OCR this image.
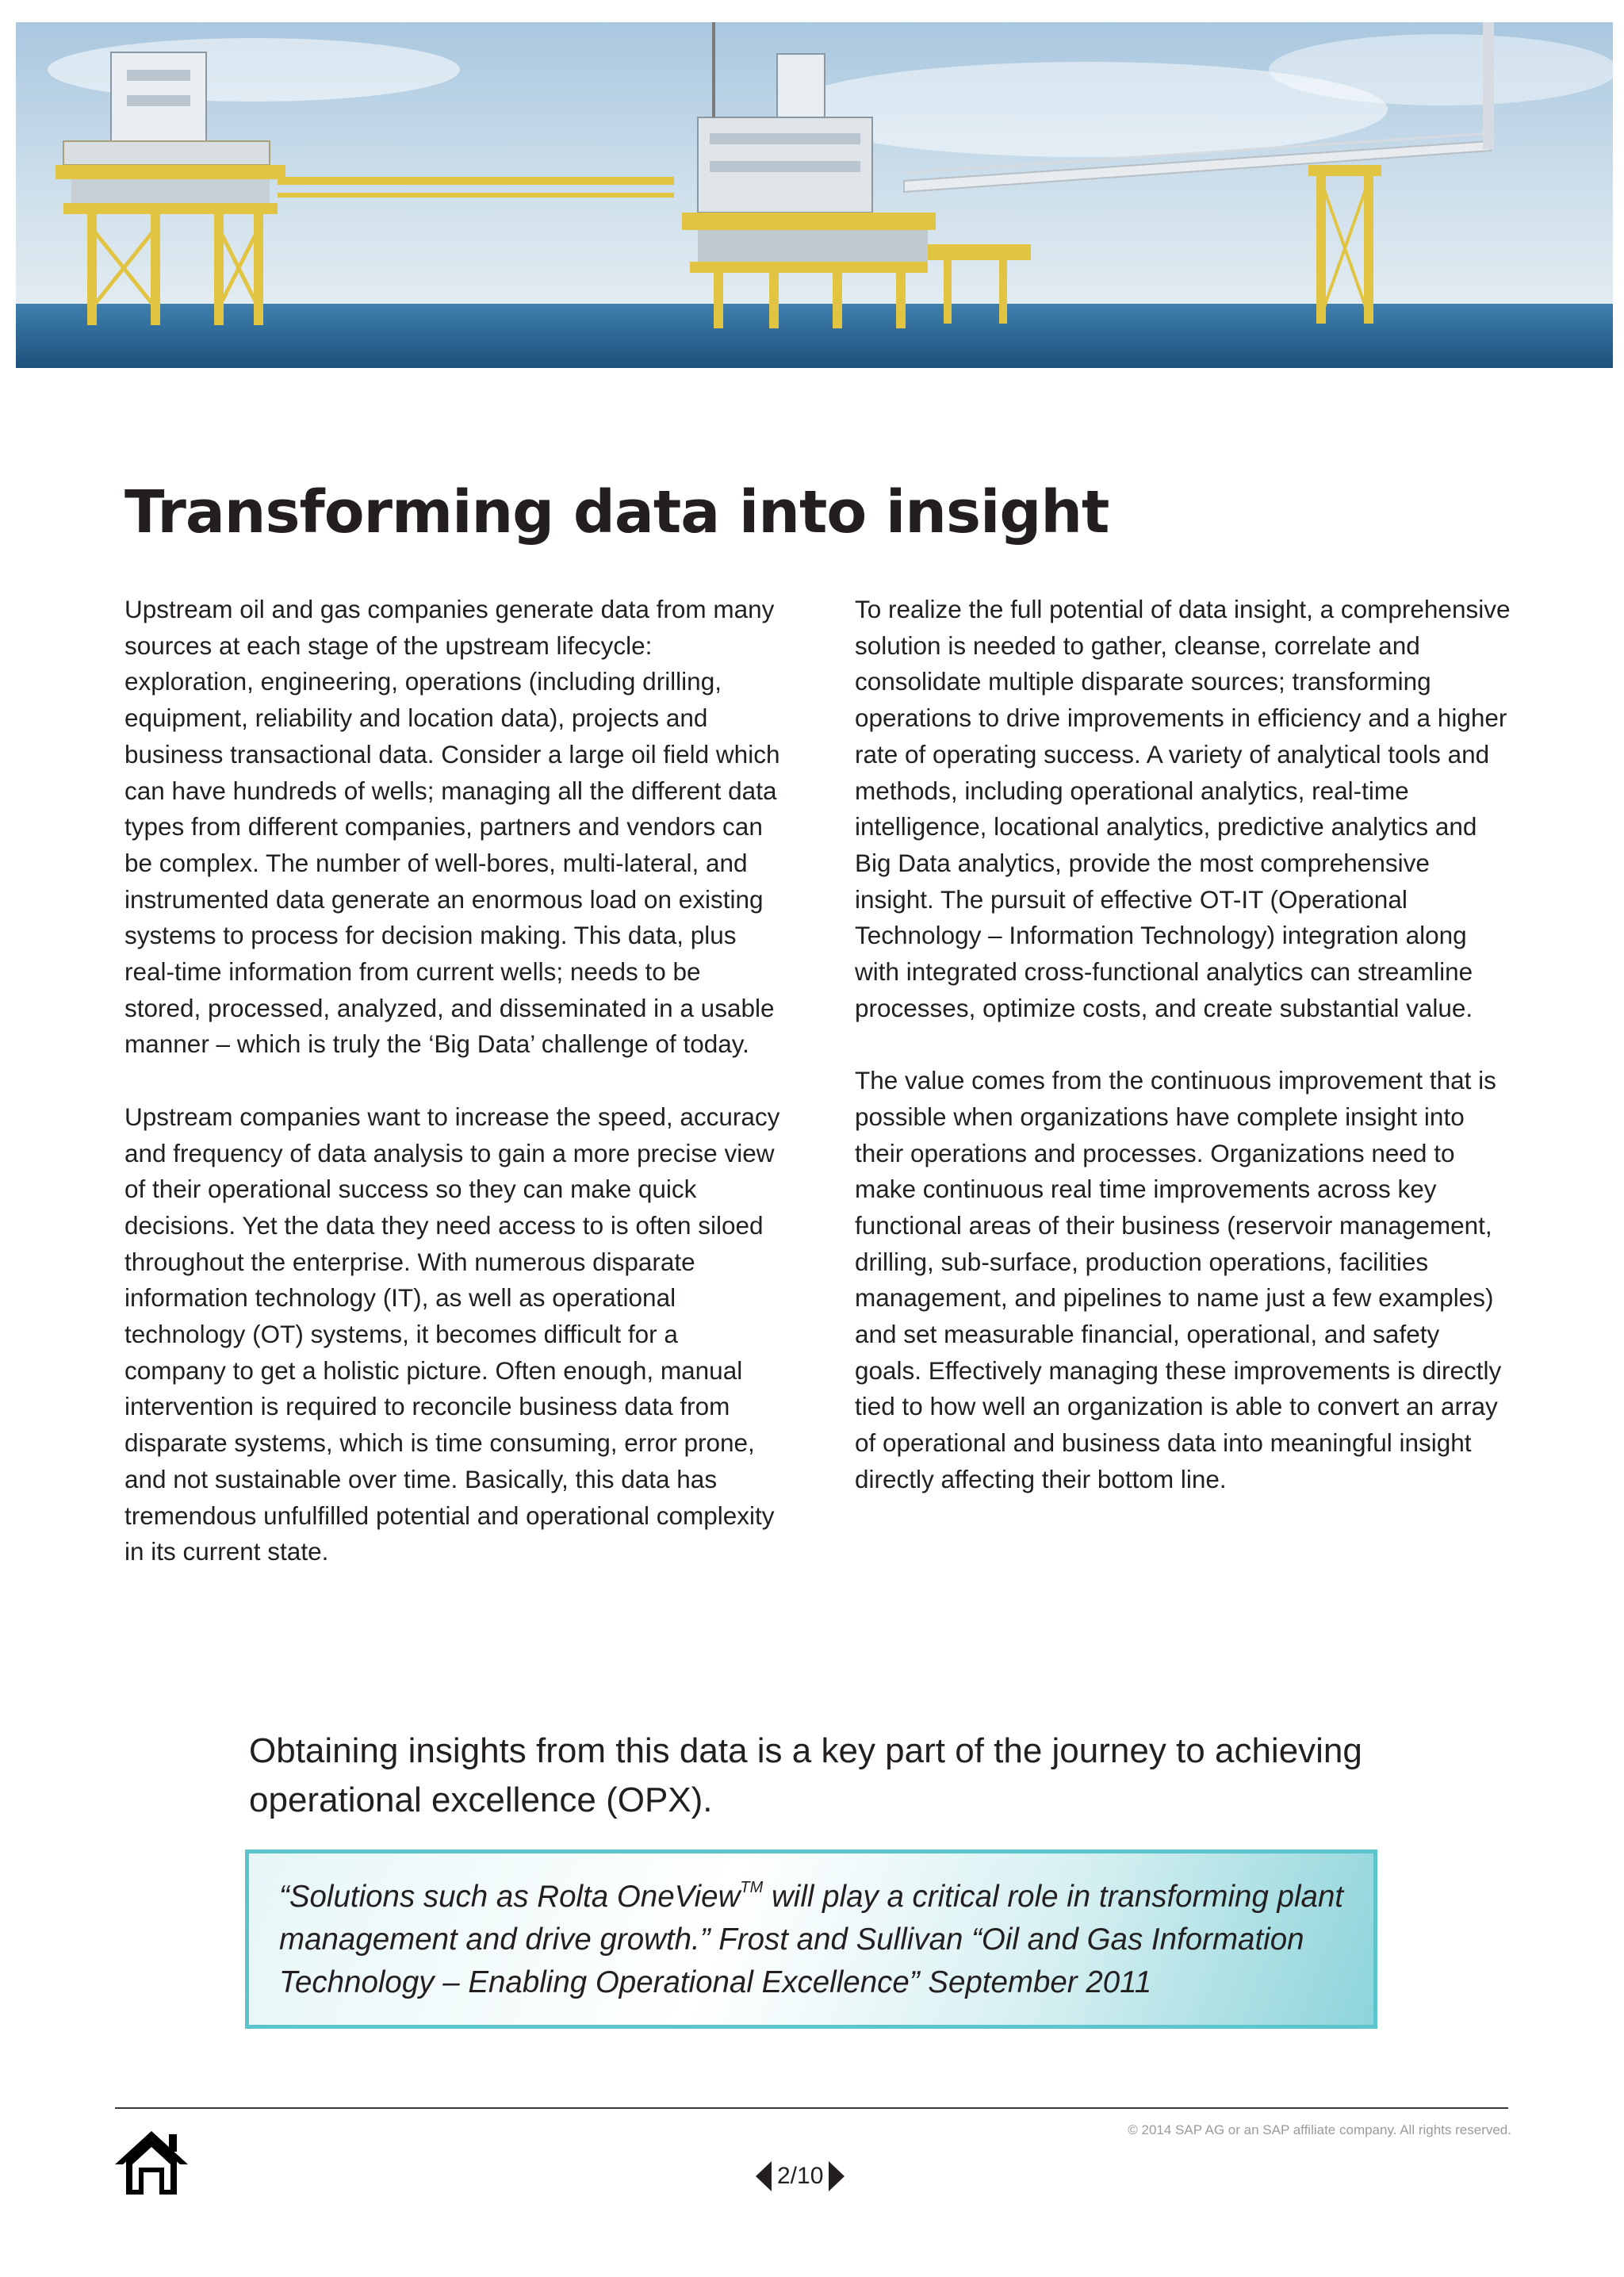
Transforming data into insight

Upstream oil and gas companies generate data from many sources at each stage of the upstream lifecycle: exploration, engineering, operations (including drilling, equipment, reliability and location data), projects and business transactional data. Consider a large oil field which can have hundreds of wells; managing all the different data types from different companies, partners and vendors can be complex. The number of well-bores, multi-lateral, and instrumented data generate an enormous load on existing systems to process for decision making. This data, plus real-time information from current wells; needs to be stored, processed, analyzed, and disseminated in a usable manner – which is truly the ‘Big Data’ challenge of today.

Upstream companies want to increase the speed, accuracy and frequency of data analysis to gain a more precise view of their operational success so they can make quick decisions. Yet the data they need access to is often siloed throughout the enterprise. With numerous disparate information technology (IT), as well as operational technology (OT) systems, it becomes difficult for a company to get a holistic picture. Often enough, manual intervention is required to reconcile business data from disparate systems, which is time consuming, error prone, and not sustainable over time. Basically, this data has tremendous unfulfilled potential and operational complexity in its current state.

To realize the full potential of data insight, a comprehensive solution is needed to gather, cleanse, correlate and consolidate multiple disparate sources; transforming operations to drive improvements in efficiency and a higher rate of operating success. A variety of analytical tools and methods, including operational analytics, real-time intelligence, locational analytics, predictive analytics and Big Data analytics, provide the most comprehensive insight. The pursuit of effective OT-IT (Operational Technology – Information Technology) integration along with integrated cross-functional analytics can streamline processes, optimize costs, and create substantial value.

The value comes from the continuous improvement that is possible when organizations have complete insight into their operations and processes. Organizations need to make continuous real time improvements across key functional areas of their business (reservoir management, drilling, sub-surface, production operations, facilities management, and pipelines to name just a few examples) and set measurable financial, operational, and safety goals. Effectively managing these improvements is directly tied to how well an organization is able to convert an array of operational and business data into meaningful insight directly affecting their bottom line.

Obtaining insights from this data is a key part of the journey to achieving operational excellence (OPX).

“Solutions such as Rolta OneView™ will play a critical role in transforming plant management and drive growth.” Frost and Sullivan “Oil and Gas Information Technology – Enabling Operational Excellence” September 2011

© 2014 SAP AG or an SAP affiliate company. All rights reserved.
2/10
